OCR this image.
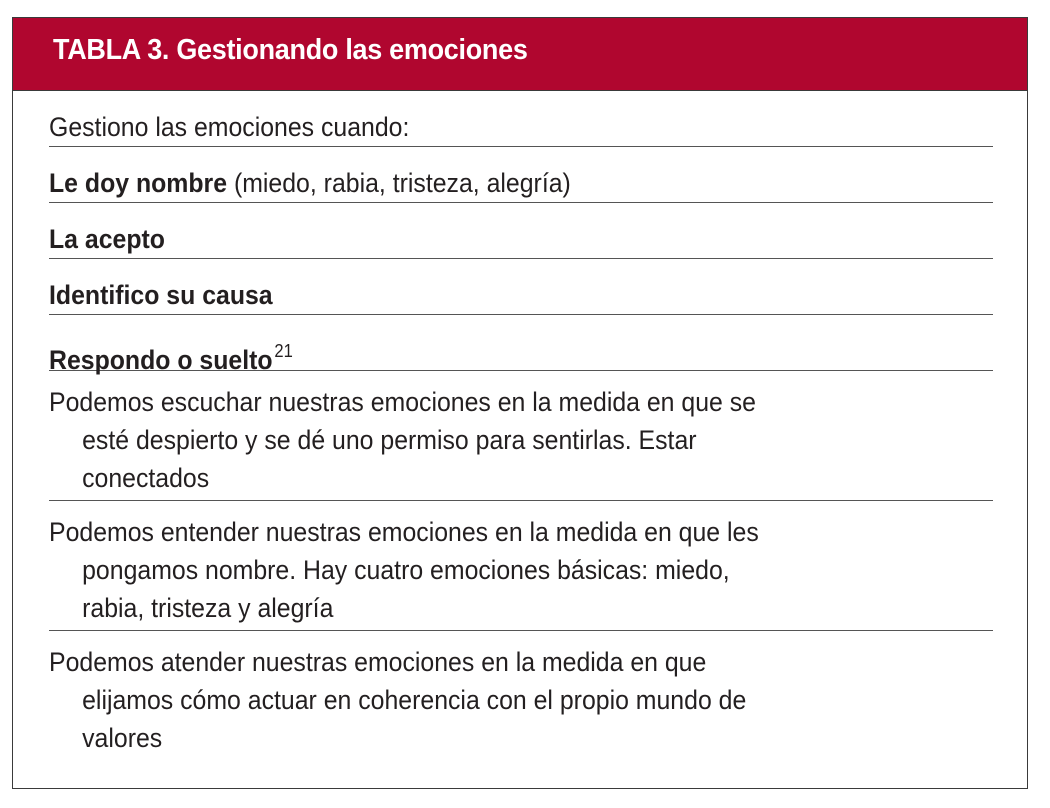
TABLA 3. Gestionando las emociones
Gestiono las emociones cuando:
Le doy nombre (miedo, rabia, tristeza, alegría)
La acepto
Identifico su causa
Respondo o suelto $^{21}$
Podemos escuchar nuestras emociones en la medida en que se
esté despierto y se dé uno permiso para sentirlas. Estar
conectados
Podemos entender nuestras emociones en la medida en que les
pongamos nombre. Hay cuatro emociones básicas: miedo,
rabia, tristeza y alegría
Podemos atender nuestras emociones en la medida en que
elijamos cómo actuar en coherencia con el propio mundo de
valores
